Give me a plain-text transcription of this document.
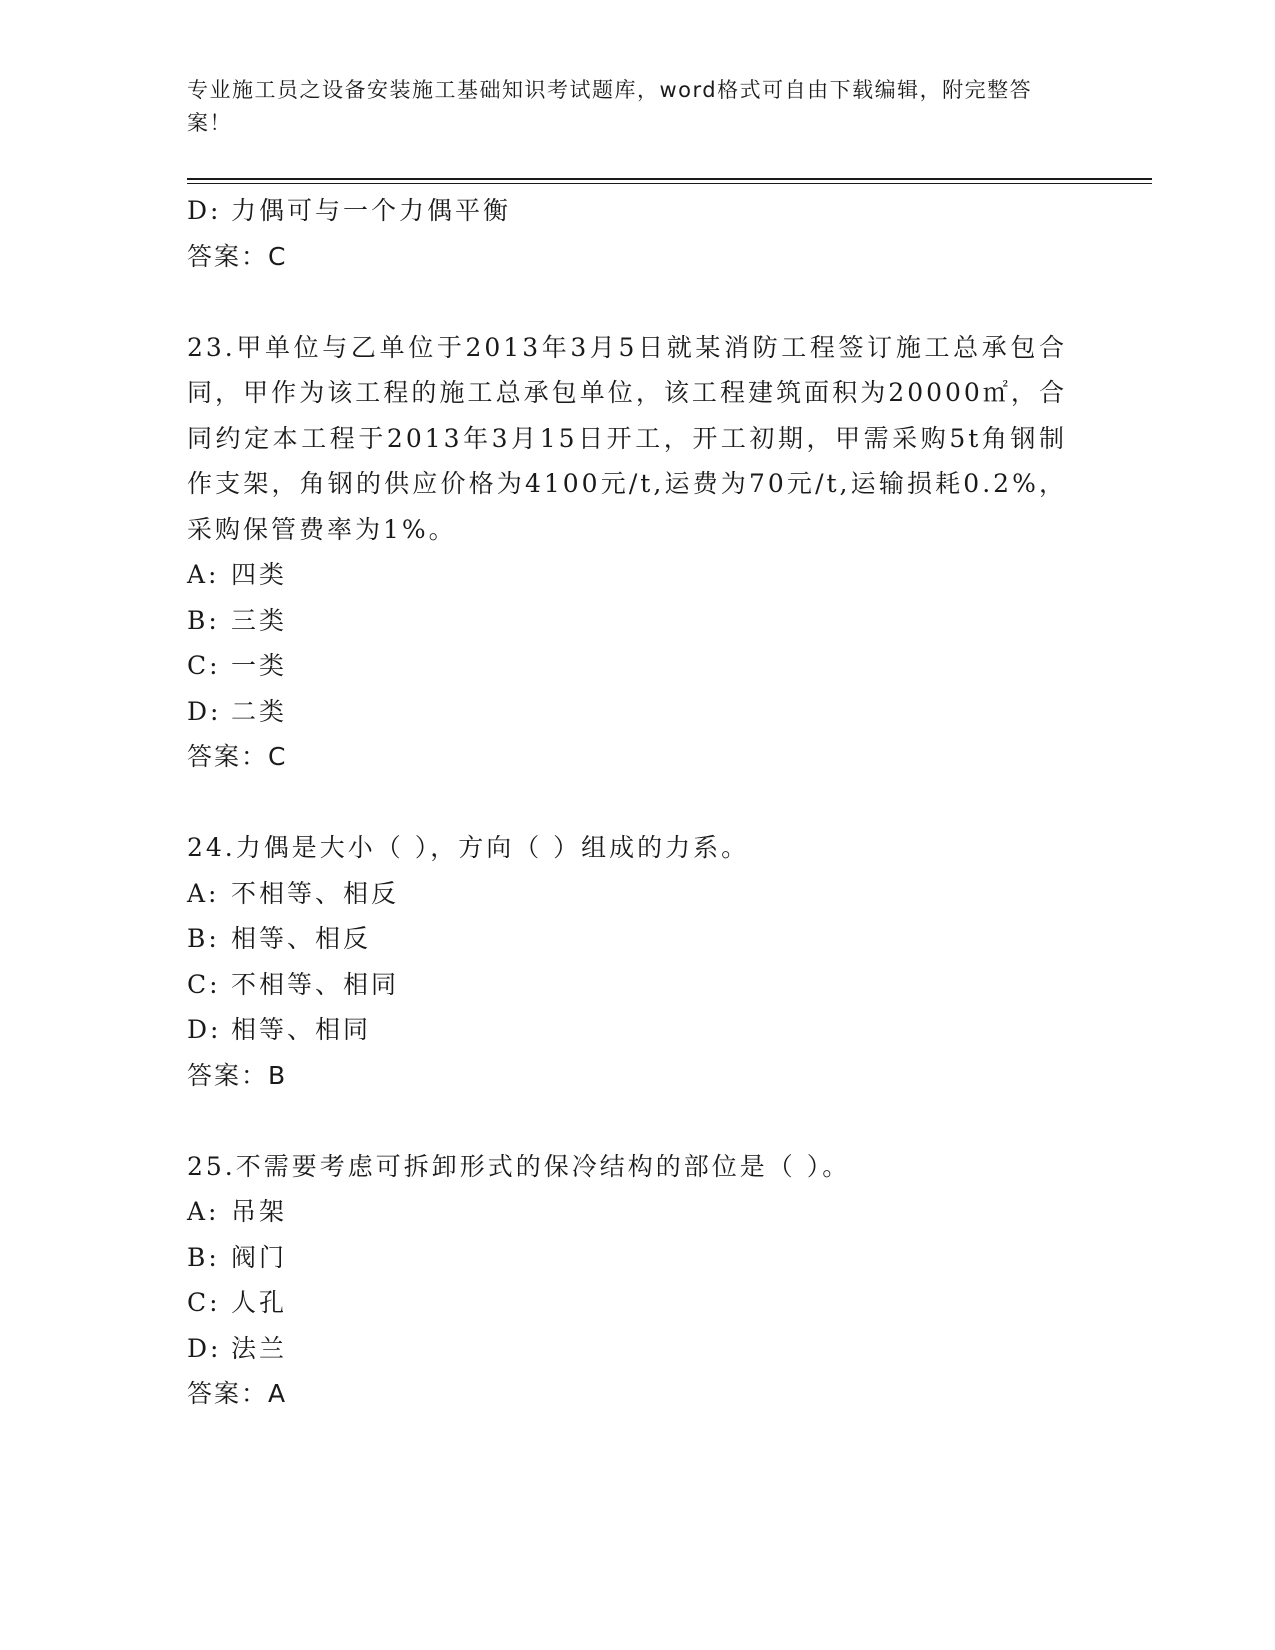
专业施工员之设备安装施工基础知识考试题库，word格式可自由下载编辑，附完整答案！

D: 力偶可与一个力偶平衡

答案：C

23.甲单位与乙单位于2013年3月5日就某消防工程签订施工总承包合同，甲作为该工程的施工总承包单位，该工程建筑面积为20000㎡，合同约定本工程于2013年3月15日开工，开工初期，甲需采购5t角钢制作支架，角钢的供应价格为4100元/t,运费为70元/t,运输损耗0.2%，采购保管费率为1%。

A: 四类

B: 三类

C: 一类

D: 二类

答案：C

24.力偶是大小（ ），方向（ ）组成的力系。

A: 不相等、相反

B: 相等、相反

C: 不相等、相同

D: 相等、相同

答案：B

25.不需要考虑可拆卸形式的保冷结构的部位是（ ）。

A: 吊架

B: 阀门

C: 人孔

D: 法兰

答案：A
